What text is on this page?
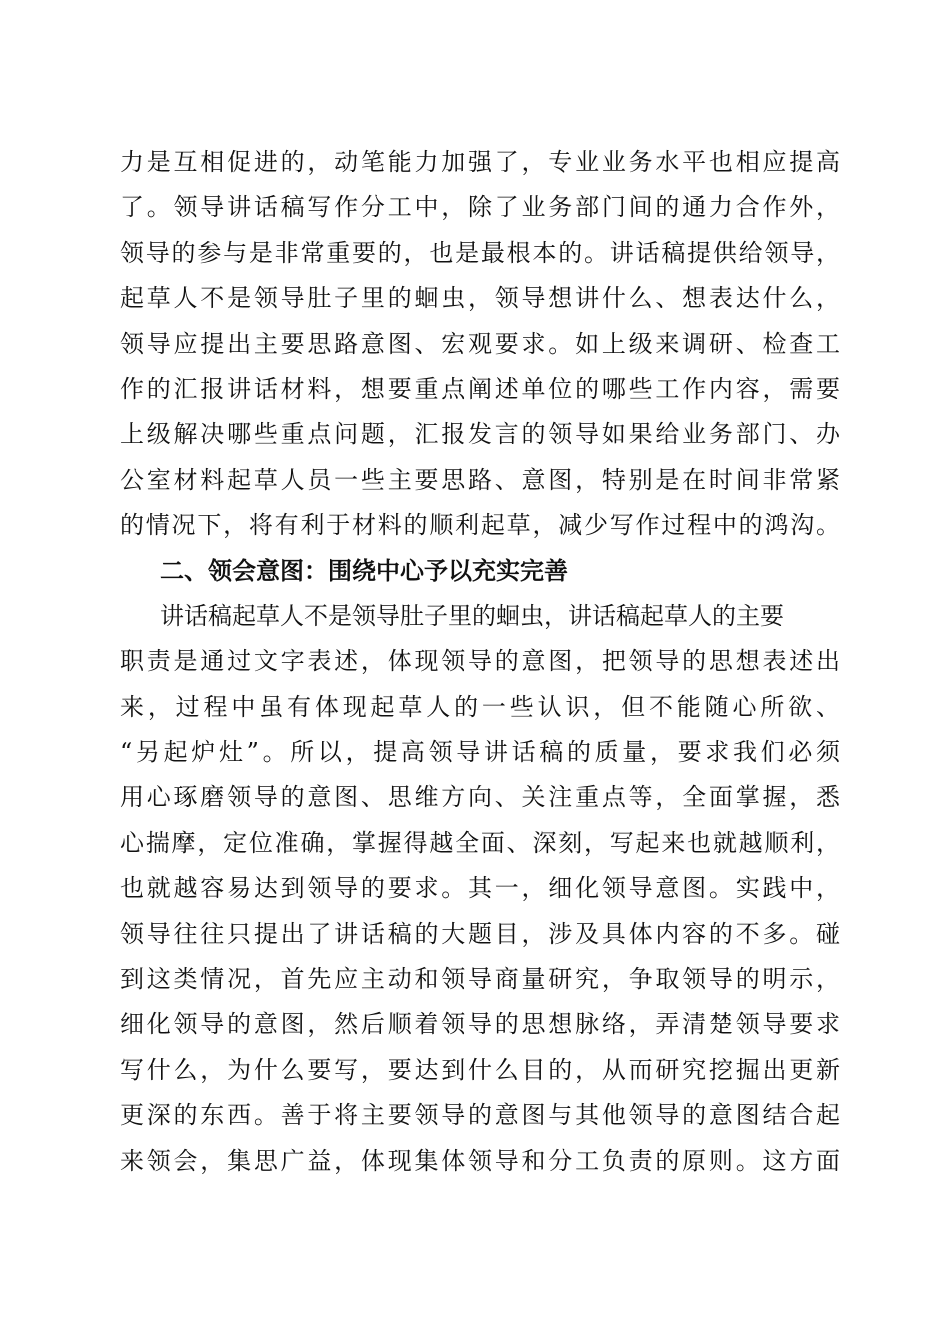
力是互相促进的，动笔能力加强了，专业业务水平也相应提高
了。领导讲话稿写作分工中，除了业务部门间的通力合作外，
领导的参与是非常重要的，也是最根本的。讲话稿提供给领导，
起草人不是领导肚子里的蛔虫，领导想讲什么、想表达什么，
领导应提出主要思路意图、宏观要求。如上级来调研、检查工
作的汇报讲话材料，想要重点阐述单位的哪些工作内容，需要
上级解决哪些重点问题，汇报发言的领导如果给业务部门、办
公室材料起草人员一些主要思路、意图，特别是在时间非常紧
的情况下，将有利于材料的顺利起草，减少写作过程中的鸿沟。
二、领会意图：围绕中心予以充实完善
讲话稿起草人不是领导肚子里的蛔虫，讲话稿起草人的主要
职责是通过文字表述，体现领导的意图，把领导的思想表述出
来，过程中虽有体现起草人的一些认识，但不能随心所欲、
“另起炉灶”。所以，提高领导讲话稿的质量，要求我们必须
用心琢磨领导的意图、思维方向、关注重点等，全面掌握，悉
心揣摩，定位准确，掌握得越全面、深刻，写起来也就越顺利，
也就越容易达到领导的要求。其一，细化领导意图。实践中，
领导往往只提出了讲话稿的大题目，涉及具体内容的不多。碰
到这类情况，首先应主动和领导商量研究，争取领导的明示，
细化领导的意图，然后顺着领导的思想脉络，弄清楚领导要求
写什么，为什么要写，要达到什么目的，从而研究挖掘出更新
更深的东西。善于将主要领导的意图与其他领导的意图结合起
来领会，集思广益，体现集体领导和分工负责的原则。这方面
